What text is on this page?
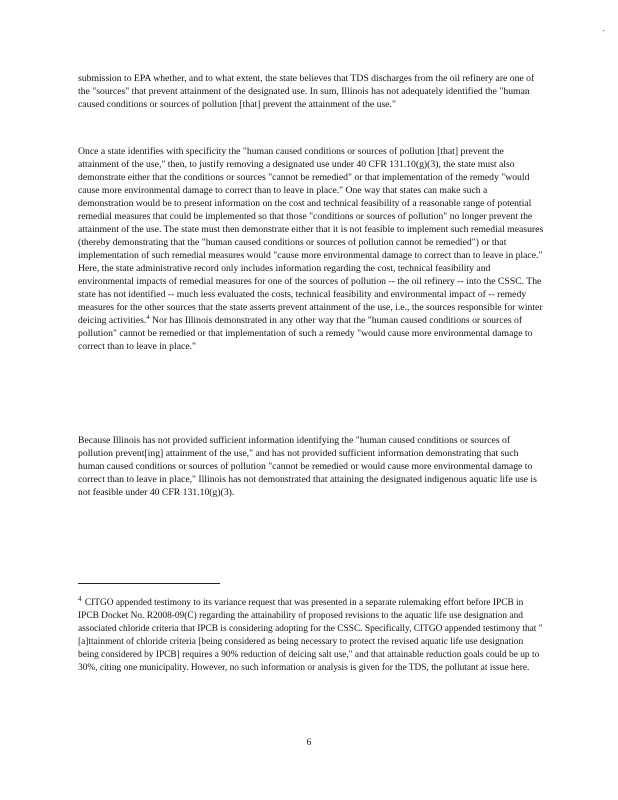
-

submission to EPA whether, and to what extent, the state believes that TDS discharges from the oil refinery are one of the "sources" that prevent attainment of the designated use. In sum, Illinois has not adequately identified the "human caused conditions or sources of pollution [that] prevent the attainment of the use."

Once a state identifies with specificity the "human caused conditions or sources of pollution [that] prevent the attainment of the use," then, to justify removing a designated use under 40 CFR 131.10(g)(3), the state must also demonstrate either that the conditions or sources "cannot be remedied" or that implementation of the remedy "would cause more environmental damage to correct than to leave in place." One way that states can make such a demonstration would be to present information on the cost and technical feasibility of a reasonable range of potential remedial measures that could be implemented so that those "conditions or sources of pollution" no longer prevent the attainment of the use. The state must then demonstrate either that it is not feasible to implement such remedial measures (thereby demonstrating that the "human caused conditions or sources of pollution cannot be remedied") or that implementation of such remedial measures would "cause more environmental damage to correct than to leave in place." Here, the state administrative record only includes information regarding the cost, technical feasibility and environmental impacts of remedial measures for one of the sources of pollution -- the oil refinery -- into the CSSC. The state has not identified -- much less evaluated the costs, technical feasibility and environmental impact of -- remedy measures for the other sources that the state asserts prevent attainment of the use, i.e., the sources responsible for winter deicing activities.$^4$ Nor has Illinois demonstrated in any other way that the "human caused conditions or sources of pollution" cannot be remedied or that implementation of such a remedy "would cause more environmental damage to correct than to leave in place."

Because Illinois has not provided sufficient information identifying the "human caused conditions or sources of pollution prevent[ing] attainment of the use," and has not provided sufficient information demonstrating that such human caused conditions or sources of pollution "cannot be remedied or would cause more environmental damage to correct than to leave in place," Illinois has not demonstrated that attaining the designated indigenous aquatic life use is not feasible under 40 CFR 131.10(g)(3).

$^4$ CITGO appended testimony to its variance request that was presented in a separate rulemaking effort before IPCB in IPCB Docket No. R2008-09(C) regarding the attainability of proposed revisions to the aquatic life use designation and associated chloride criteria that IPCB is considering adopting for the CSSC. Specifically, CITGO appended testimony that "[a]ttainment of chloride criteria [being considered as being necessary to protect the revised aquatic life use designation being considered by IPCB] requires a 90% reduction of deicing salt use," and that attainable reduction goals could be up to 30%, citing one municipality. However, no such information or analysis is given for the TDS, the pollutant at issue here.

6
